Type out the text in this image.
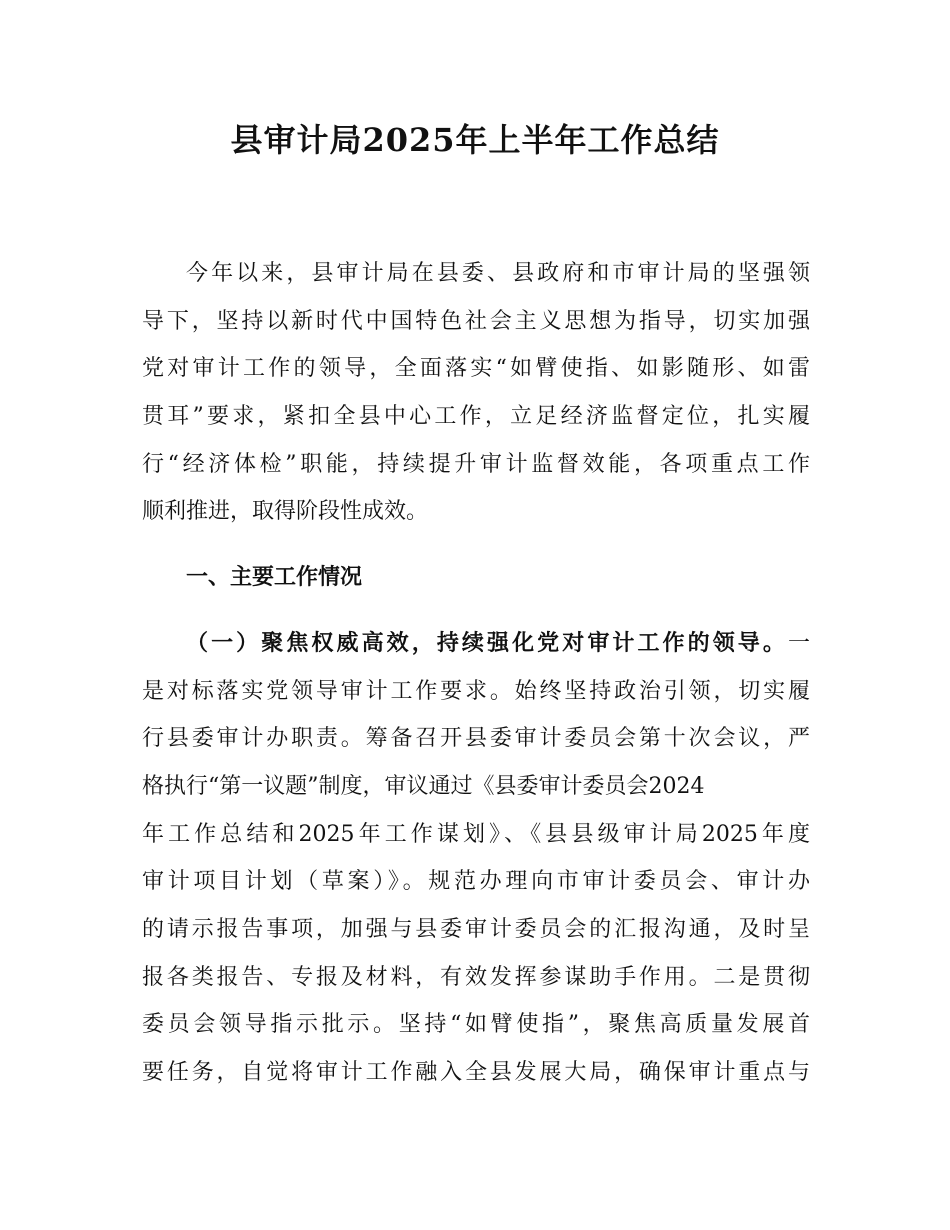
县审计局2025年上半年工作总结
今年以来，县审计局在县委、县政府和市审计局的坚强领
导下，坚持以新时代中国特色社会主义思想为指导，切实加强
党对审计工作的领导，全面落实“如臂使指、如影随形、如雷
贯耳”要求，紧扣全县中心工作，立足经济监督定位，扎实履
行“经济体检”职能，持续提升审计监督效能，各项重点工作
顺利推进，取得阶段性成效。
一、主要工作情况
（一）聚焦权威高效，持续强化党对审计工作的领导。一
是对标落实党领导审计工作要求。始终坚持政治引领，切实履
行县委审计办职责。筹备召开县委审计委员会第十次会议，严
格执行“第一议题”制度，审议通过《县委审计委员会2024
年工作总结和2025年工作谋划》、《县县级审计局2025年度
审计项目计划（草案）》。规范办理向市审计委员会、审计办
的请示报告事项，加强与县委审计委员会的汇报沟通，及时呈
报各类报告、专报及材料，有效发挥参谋助手作用。二是贯彻
委员会领导指示批示。坚持“如臂使指”，聚焦高质量发展首
要任务，自觉将审计工作融入全县发展大局，确保审计重点与
